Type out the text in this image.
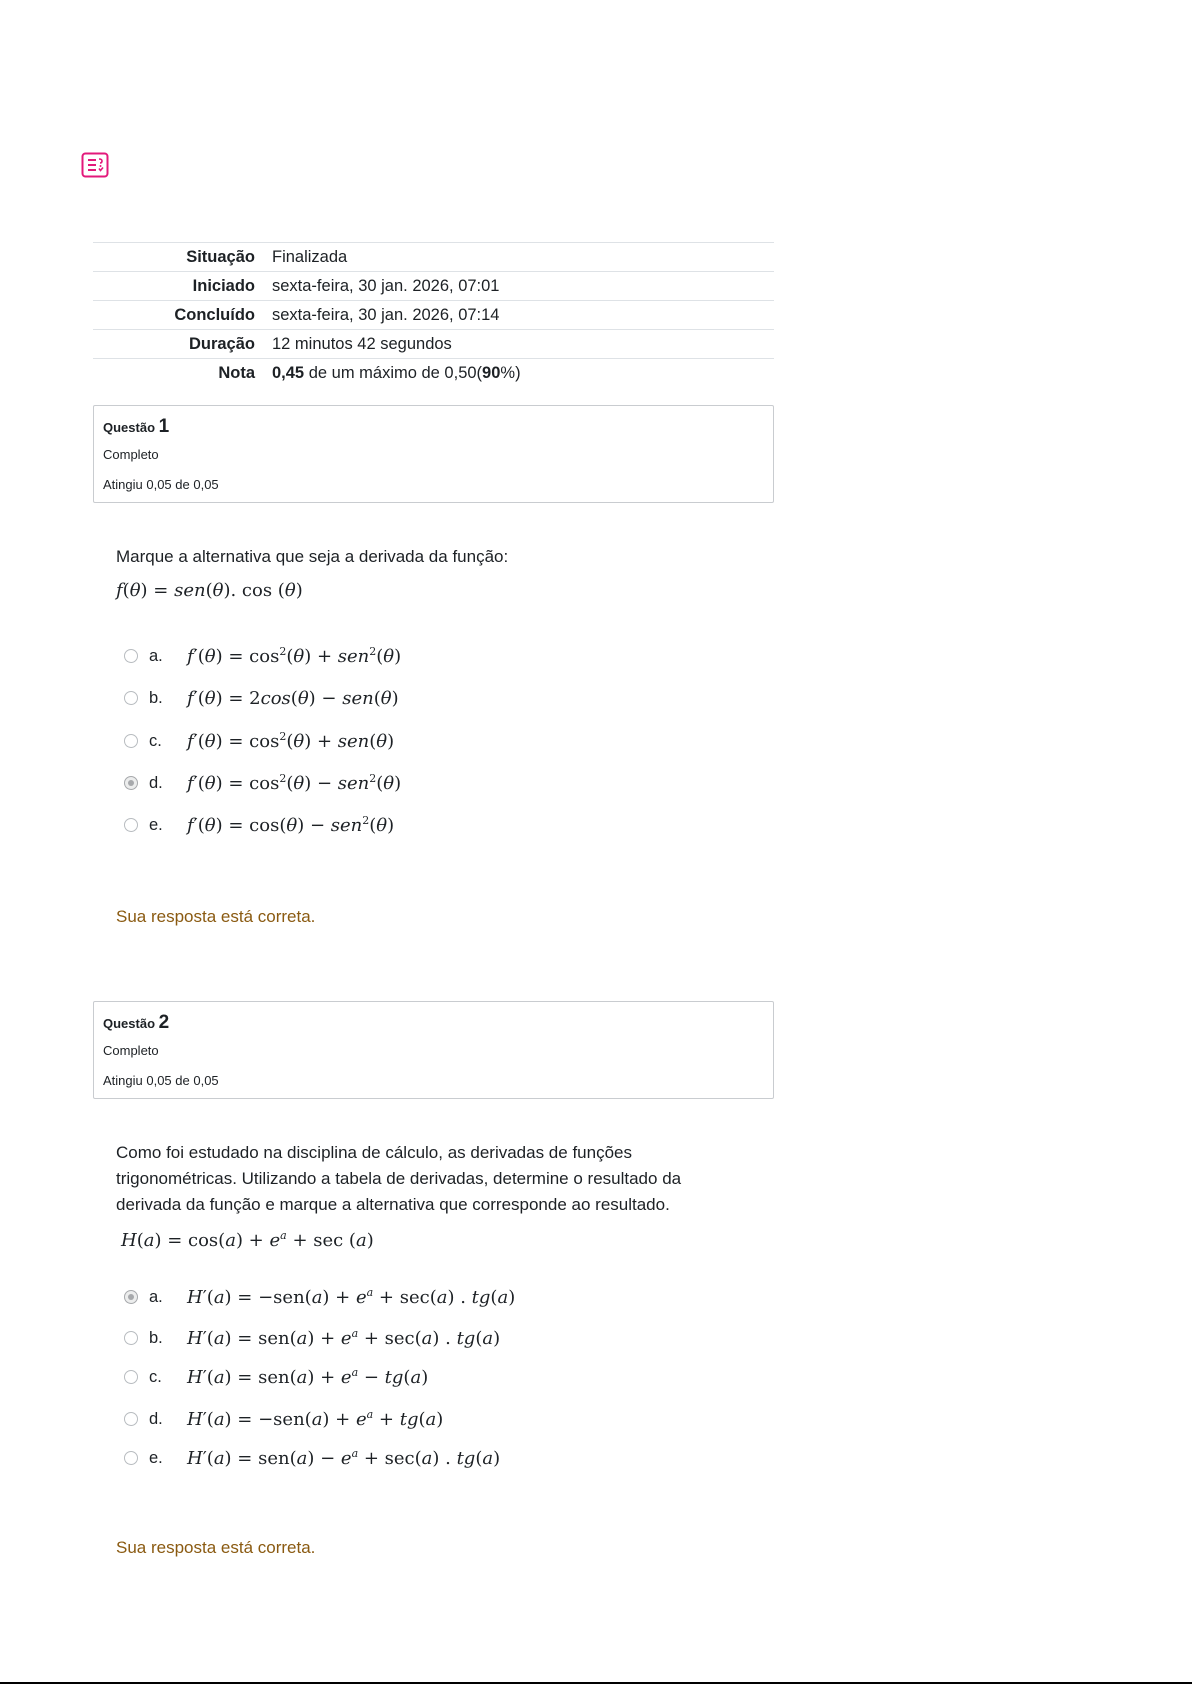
Situação	Finalizada
Iniciado	sexta-feira, 30 jan. 2026, 07:01
Concluído	sexta-feira, 30 jan. 2026, 07:14
Duração	12 minutos 42 segundos
Nota	0,45 de um máximo de 0,50(90%)
Questão 1
Completo
Atingiu 0,05 de 0,05
Marque a alternativa que seja a derivada da função:
f(θ) = sen(θ). cos (θ)
a.	$f'(\theta) = \cos^2(\theta) + sen^2(\theta)$
b.	f′(θ) = 2cos(θ) − sen(θ)
c.	$f'(\theta) = \cos^2(\theta) + sen(\theta)$
d.	$f'(\theta) = \cos^2(\theta) - sen^2(\theta)$
e.	f′(θ) = cos(θ) − sen$^2$(θ)
Sua resposta está correta.
Questão 2
Completo
Atingiu 0,05 de 0,05
Como foi estudado na disciplina de cálculo, as derivadas de funções trigonométricas. Utilizando a tabela de derivadas, determine o resultado da derivada da função e marque a alternativa que corresponde ao resultado.
$H(a) = \cos(a) + e^a + \sec (a)$
a.	$H'(a) = -sen(a) + e^a + \sec(a)$ . tg(a)
b.	$H'(a) = sen(a) + e^a + \sec(a)$ . tg(a)
c.	$H'(a) = sen(a) + e^a - tg(a)$
d.	$H'(a) = -sen(a) + e^a + tg(a)$
e.	$H'(a) = sen(a) - e^a + \sec(a)$ . tg(a)
Sua resposta está correta.
